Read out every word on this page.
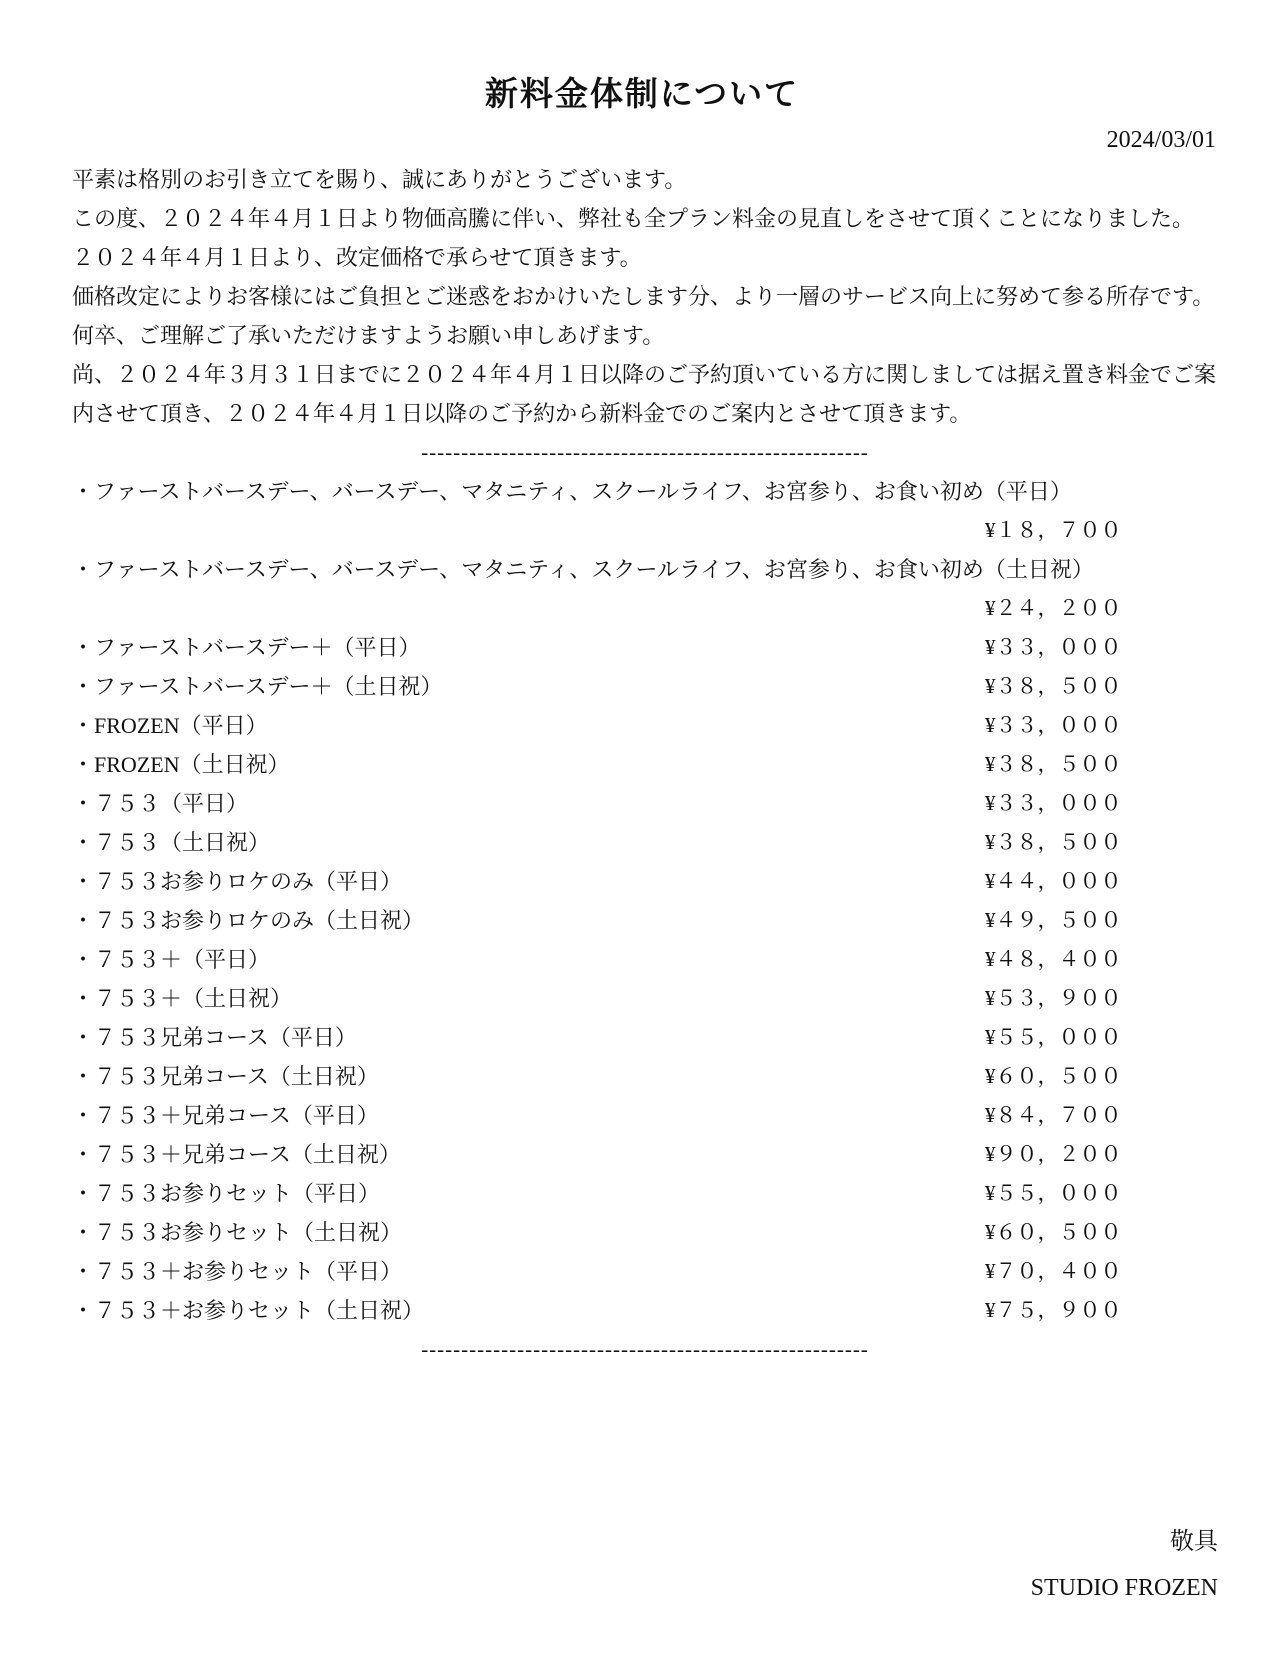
新料金体制について
2024/03/01
平素は格別のお引き立てを賜り、誠にありがとうございます。
この度、２０２４年４月１日より物価高騰に伴い、弊社も全プラン料金の見直しをさせて頂くことになりました。
２０２４年４月１日より、改定価格で承らせて頂きます。
価格改定によりお客様にはご負担とご迷惑をおかけいたします分、より一層のサービス向上に努めて参る所存です。
何卒、ご理解ご了承いただけますようお願い申しあげます。
尚、２０２４年３月３１日までに２０２４年４月１日以降のご予約頂いている方に関しましては据え置き料金でご案内させて頂き、２０２４年４月１日以降のご予約から新料金でのご案内とさせて頂きます。
--------------------------------------------------------
・ファーストバースデー、バースデー、マタニティ、スクールライフ、お宮参り、お食い初め（平日）
¥１８，７００
・ファーストバースデー、バースデー、マタニティ、スクールライフ、お宮参り、お食い初め（土日祝）
¥２４，２００
・ファーストバースデー＋（平日）	¥３３，０００
・ファーストバースデー＋（土日祝）	¥３８，５００
・FROZEN（平日）	¥３３，０００
・FROZEN（土日祝）	¥３８，５００
・７５３（平日）	¥３３，０００
・７５３（土日祝）	¥３８，５００
・７５３お参りロケのみ（平日）	¥４４，０００
・７５３お参りロケのみ（土日祝）	¥４９，５００
・７５３＋（平日）	¥４８，４００
・７５３＋（土日祝）	¥５３，９００
・７５３兄弟コース（平日）	¥５５，０００
・７５３兄弟コース（土日祝）	¥６０，５００
・７５３＋兄弟コース（平日）	¥８４，７００
・７５３＋兄弟コース（土日祝）	¥９０，２００
・７５３お参りセット（平日）	¥５５，０００
・７５３お参りセット（土日祝）	¥６０，５００
・７５３＋お参りセット（平日）	¥７０，４００
・７５３＋お参りセット（土日祝）	¥７５，９００
--------------------------------------------------------
敬具
STUDIO FROZEN
